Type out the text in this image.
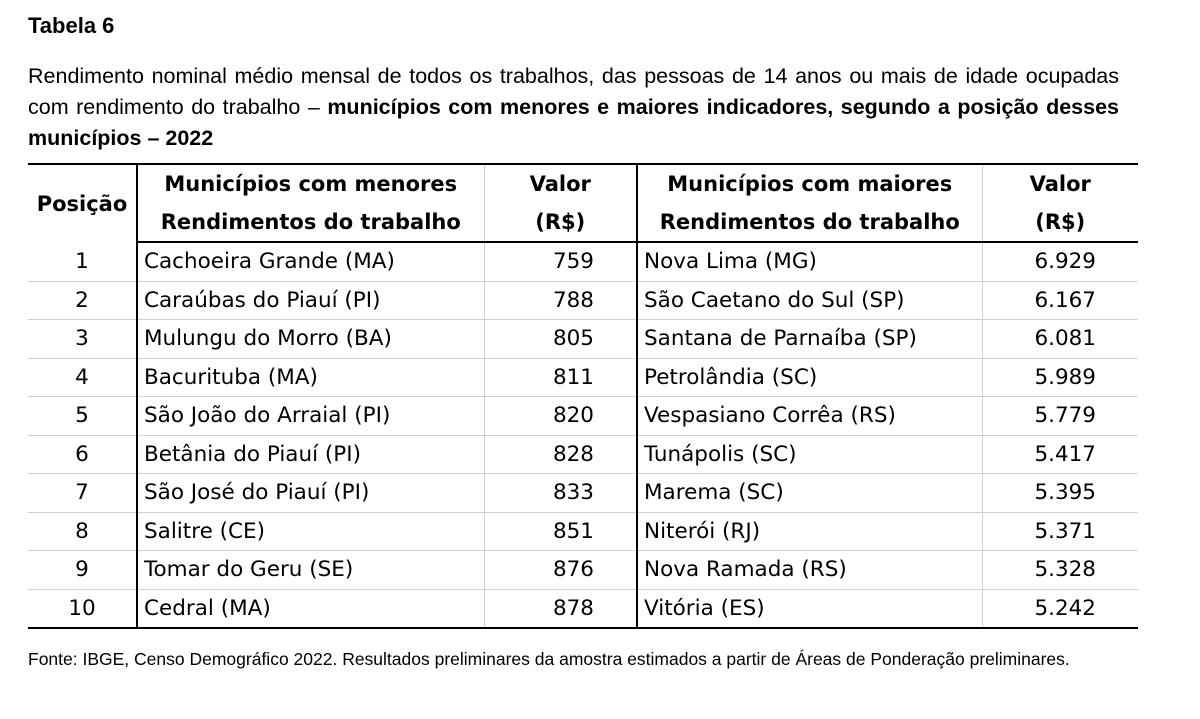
Tabela 6
Rendimento nominal médio mensal de todos os trabalhos, das pessoas de 14 anos ou mais de idade ocupadas com rendimento do trabalho – municípios com menores e maiores indicadores, segundo a posição desses municípios – 2022
Posição	Municípios com menores	Valor	Municípios com maiores	Valor
	Rendimentos do trabalho	(R$)	Rendimentos do trabalho	(R$)
1	Cachoeira Grande (MA)	759	Nova Lima (MG)	6.929
2	Caraúbas do Piauí (PI)	788	São Caetano do Sul (SP)	6.167
3	Mulungu do Morro (BA)	805	Santana de Parnaíba (SP)	6.081
4	Bacurituba (MA)	811	Petrolândia (SC)	5.989
5	São João do Arraial (PI)	820	Vespasiano Corrêa (RS)	5.779
6	Betânia do Piauí (PI)	828	Tunápolis (SC)	5.417
7	São José do Piauí (PI)	833	Marema (SC)	5.395
8	Salitre (CE)	851	Niterói (RJ)	5.371
9	Tomar do Geru (SE)	876	Nova Ramada (RS)	5.328
10	Cedral (MA)	878	Vitória (ES)	5.242
Fonte: IBGE, Censo Demográfico 2022. Resultados preliminares da amostra estimados a partir de Áreas de Ponderação preliminares.
